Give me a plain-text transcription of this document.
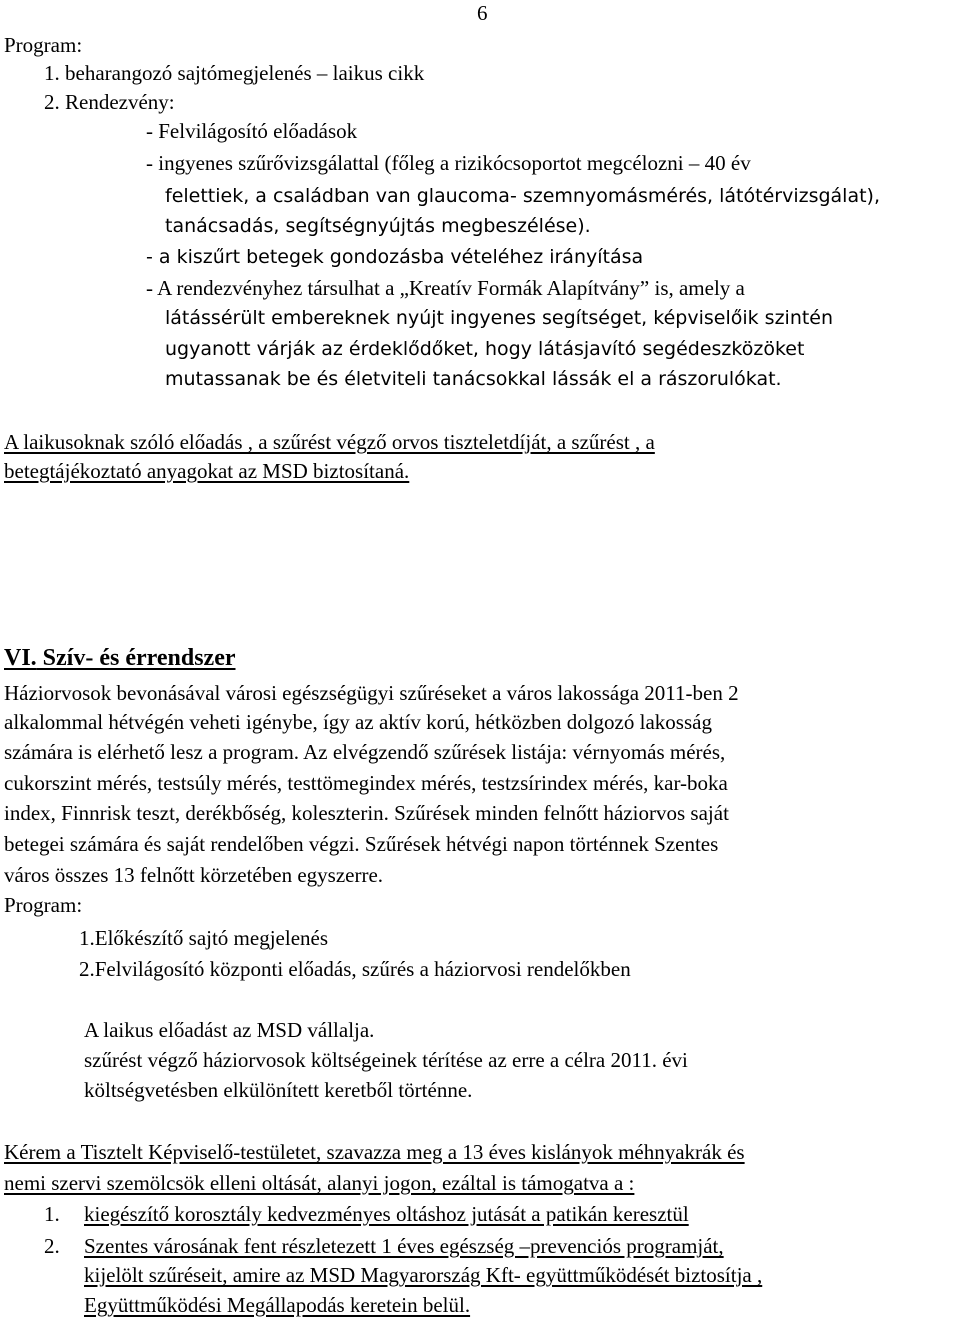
6
Program:
1. beharangozó sajtómegjelenés – laikus cikk
2. Rendezvény:
- Felvilágosító előadások
- ingyenes szűrővizsgálattal (főleg a rizikócsoportot megcélozni – 40 év
felettiek, a családban van glaucoma- szemnyomásmérés, látótérvizsgálat),
tanácsadás, segítségnyújtás megbeszélése).
- a kiszűrt betegek gondozásba vételéhez irányítása
- A rendezvényhez társulhat a „Kreatív Formák Alapítvány” is, amely a
látássérült embereknek nyújt ingyenes segítséget, képviselőik szintén
ugyanott várják az érdeklődőket, hogy látásjavító segédeszközöket
mutassanak be és életviteli tanácsokkal lássák el a rászorulókat.
A laikusoknak szóló előadás , a szűrést végző orvos tiszteletdíját, a szűrést , a
betegtájékoztató anyagokat az MSD biztosítaná.
VI. Szív- és érrendszer
Háziorvosok bevonásával városi egészségügyi szűréseket a város lakossága 2011-ben 2
alkalommal hétvégén veheti igénybe, így az aktív korú, hétközben dolgozó lakosság
számára is elérhető lesz a program. Az elvégzendő szűrések listája: vérnyomás mérés,
cukorszint mérés, testsúly mérés, testtömegindex mérés, testzsírindex mérés, kar-boka
index, Finnrisk teszt, derékbőség, koleszterin. Szűrések minden felnőtt háziorvos saját
betegei számára és saját rendelőben végzi. Szűrések hétvégi napon történnek Szentes
város összes 13 felnőtt körzetében egyszerre.
Program:
1.Előkészítő sajtó megjelenés
2.Felvilágosító központi előadás, szűrés a háziorvosi rendelőkben
A laikus előadást az MSD vállalja.
szűrést végző háziorvosok költségeinek térítése az erre a célra 2011. évi
költségvetésben elkülönített keretből történne.
Kérem a Tisztelt Képviselő-testületet, szavazza meg a 13 éves kislányok méhnyakrák és
nemi szervi szemölcsök elleni oltását, alanyi jogon, ezáltal is támogatva a :
1. kiegészítő korosztály kedvezményes oltáshoz jutását a patikán keresztül
2. Szentes városának fent részletezett 1 éves egészség –prevenciós programját,
kijelölt szűréseit, amire az MSD Magyarország Kft- együttműködését biztosítja ,
Együttműködési Megállapodás keretein belül.
